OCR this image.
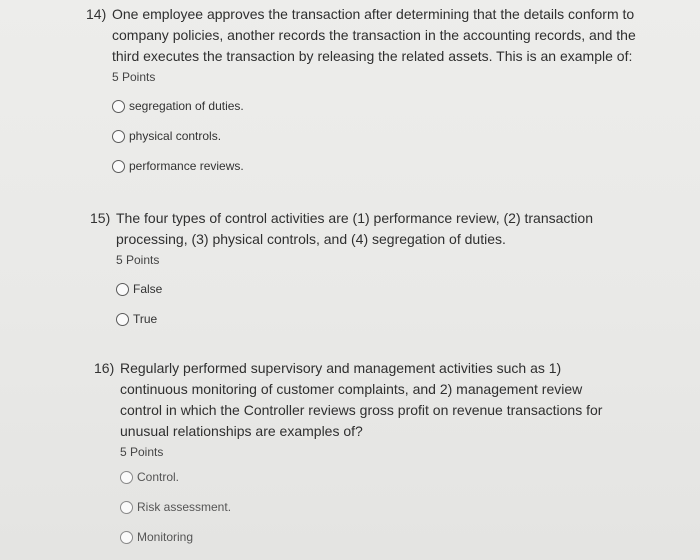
14) One employee approves the transaction after determining that the details conform to company policies, another records the transaction in the accounting records, and the third executes the transaction by releasing the related assets. This is an example of:
5 Points
segregation of duties.
physical controls.
performance reviews.
15) The four types of control activities are (1) performance review, (2) transaction processing, (3) physical controls, and (4) segregation of duties.
5 Points
False
True
16) Regularly performed supervisory and management activities such as 1) continuous monitoring of customer complaints, and 2) management review control in which the Controller reviews gross profit on revenue transactions for unusual relationships are examples of?
5 Points
Control.
Risk assessment.
Monitoring
